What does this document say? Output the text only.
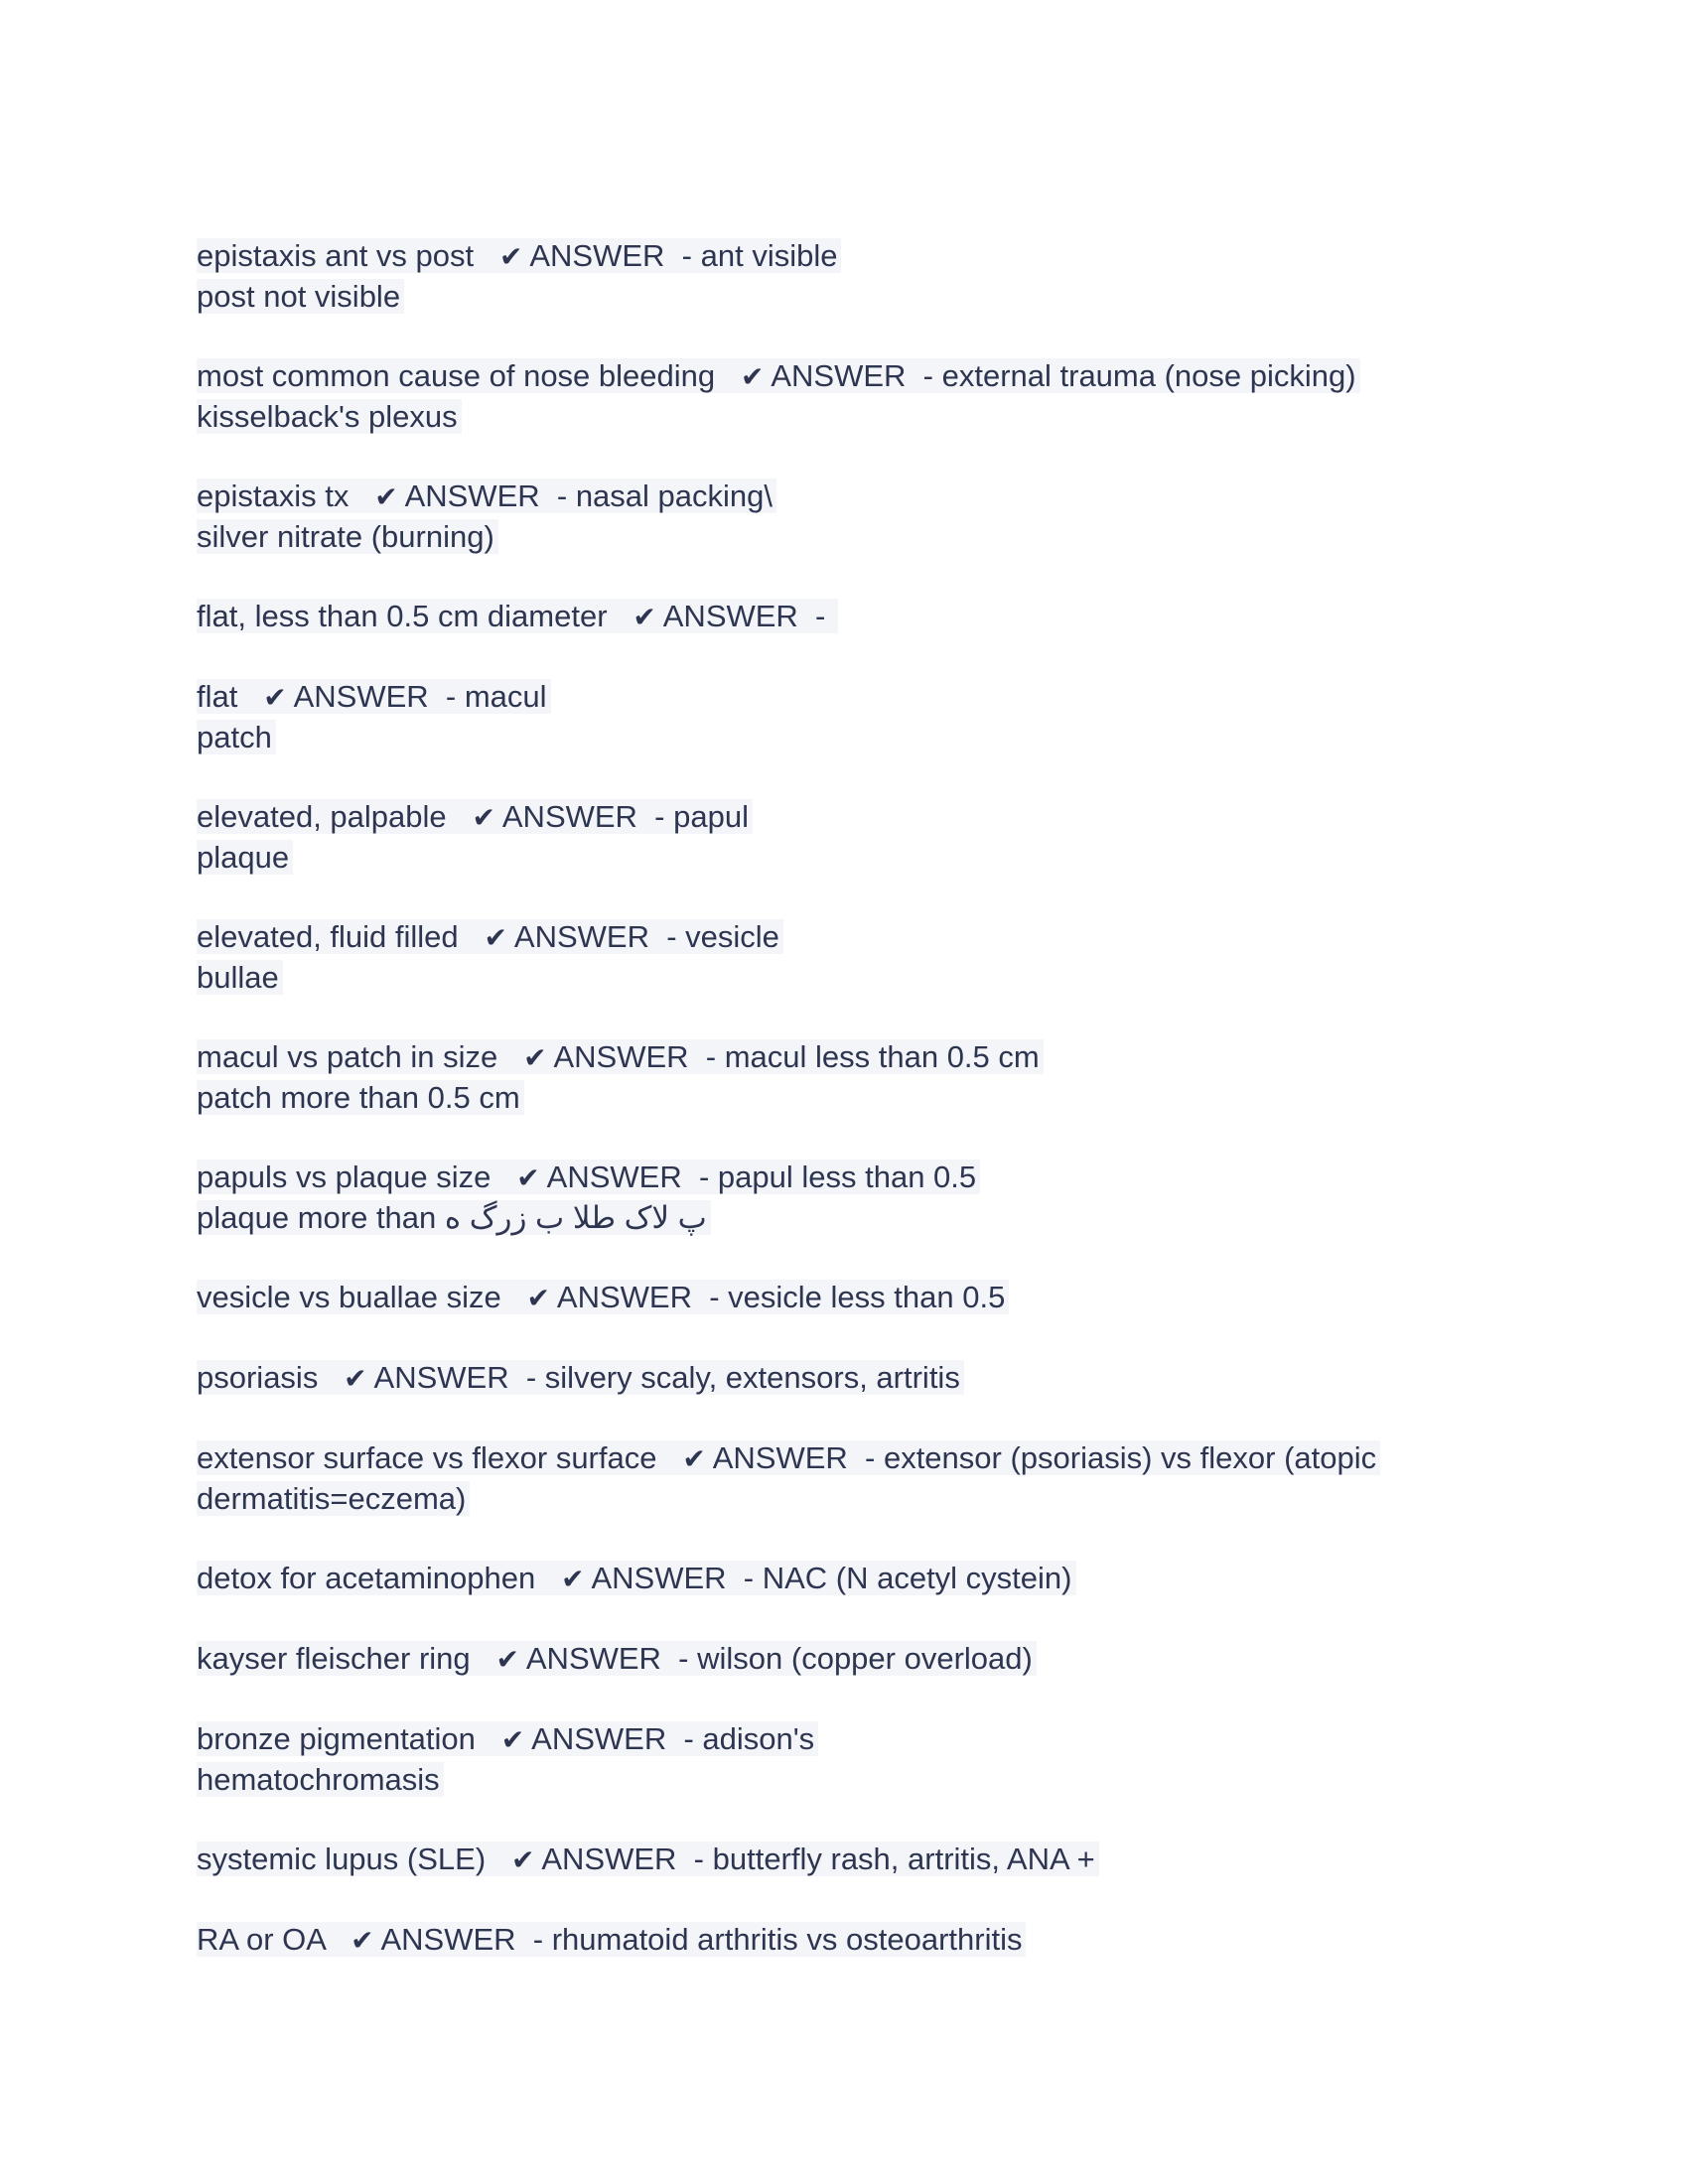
epistaxis ant vs post ✔ ANSWER  - ant visible
post not visible
most common cause of nose bleeding ✔ ANSWER  - external trauma (nose picking)
kisselback's plexus
epistaxis tx ✔ ANSWER  - nasal packing\
silver nitrate (burning)
flat, less than 0.5 cm diameter ✔ ANSWER  -
flat ✔ ANSWER  - macul
patch
elevated, palpable ✔ ANSWER  - papul
plaque
elevated, fluid filled ✔ ANSWER  - vesicle
bullae
macul vs patch in size ✔ ANSWER  - macul less than 0.5 cm
patch more than 0.5 cm
papuls vs plaque size ✔ ANSWER  - papul less than 0.5
plaque more than پ لاک طلا ب زرگ ه
vesicle vs buallae size ✔ ANSWER  - vesicle less than 0.5
psoriasis ✔ ANSWER  - silvery scaly, extensors, artritis
extensor surface vs flexor surface ✔ ANSWER  - extensor (psoriasis) vs flexor (atopic
dermatitis=eczema)
detox for acetaminophen ✔ ANSWER  - NAC (N acetyl cystein)
kayser fleischer ring ✔ ANSWER  - wilson (copper overload)
bronze pigmentation ✔ ANSWER  - adison's
hematochromasis
systemic lupus (SLE) ✔ ANSWER  - butterfly rash, artritis, ANA +
RA or OA ✔ ANSWER  - rhumatoid arthritis vs osteoarthritis
